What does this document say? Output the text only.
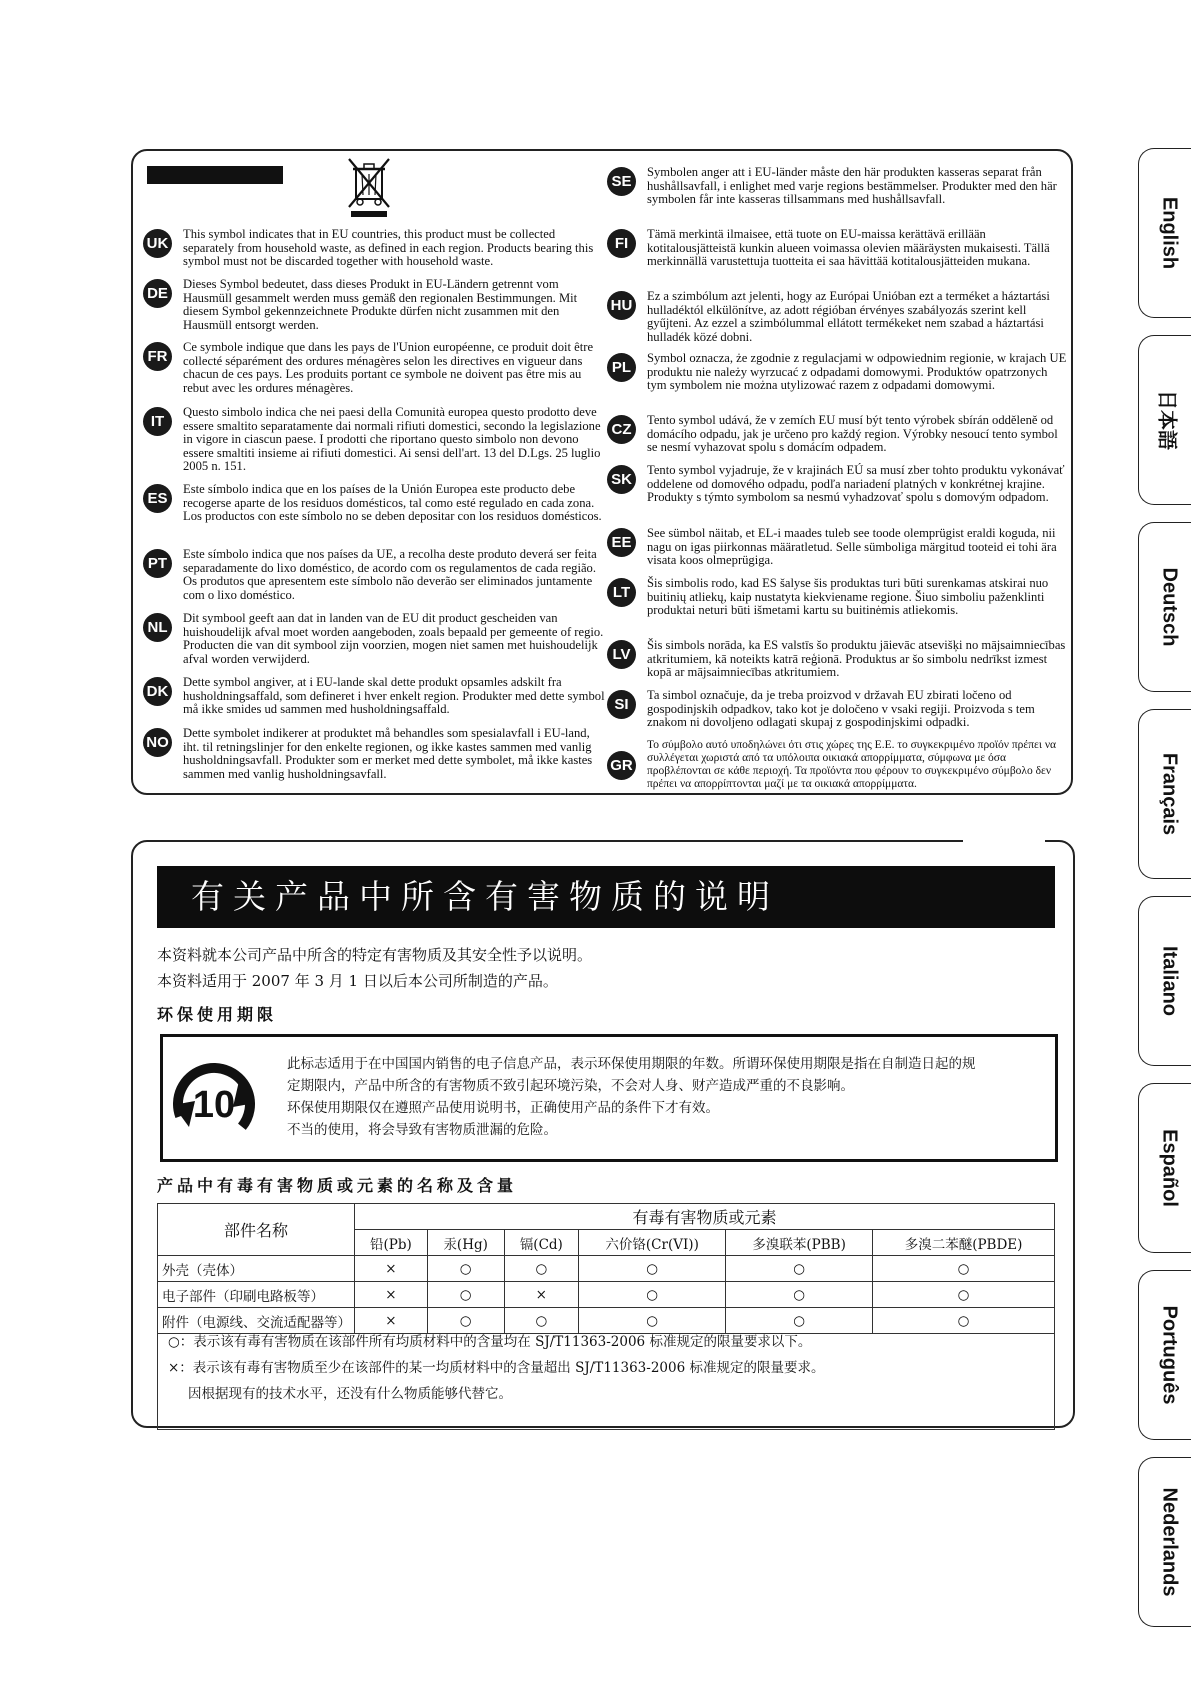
UK
This symbol indicates that in EU countries, this product must be collected separately from household waste, as defined in each region. Products bearing this symbol must not be discarded together with household waste.
DE
Dieses Symbol bedeutet, dass dieses Produkt in EU-Ländern getrennt vom Hausmüll gesammelt werden muss gemäß den regionalen Bestimmungen. Mit diesem Symbol gekennzeichnete Produkte dürfen nicht zusammen mit den Hausmüll entsorgt werden.
FR
Ce symbole indique que dans les pays de l'Union européenne, ce produit doit être collecté séparément des ordures ménagères selon les directives en vigueur dans chacun de ces pays. Les produits portant ce symbole ne doivent pas être mis au rebut avec les ordures ménagères.
IT
Questo simbolo indica che nei paesi della Comunità europea questo prodotto deve essere smaltito separatamente dai normali rifiuti domestici, secondo la legislazione in vigore in ciascun paese. I prodotti che riportano questo simbolo non devono essere smaltiti insieme ai rifiuti domestici. Ai sensi dell'art. 13 del D.Lgs. 25 luglio 2005 n. 151.
ES
Este símbolo indica que en los países de la Unión Europea este producto debe recogerse aparte de los residuos domésticos, tal como esté regulado en cada zona. Los productos con este símbolo no se deben depositar con los residuos domésticos.
PT
Este símbolo indica que nos países da UE, a recolha deste produto deverá ser feita separadamente do lixo doméstico, de acordo com os regulamentos de cada região. Os produtos que apresentem este símbolo não deverão ser eliminados juntamente com o lixo doméstico.
NL
Dit symbool geeft aan dat in landen van de EU dit product gescheiden van huishoudelijk afval moet worden aangeboden, zoals bepaald per gemeente of regio. Producten die van dit symbool zijn voorzien, mogen niet samen met huishoudelijk afval worden verwijderd.
DK
Dette symbol angiver, at i EU-lande skal dette produkt opsamles adskilt fra husholdningsaffald, som defineret i hver enkelt region. Produkter med dette symbol må ikke smides ud sammen med husholdningsaffald.
NO
Dette symbolet indikerer at produktet må behandles som spesialavfall i EU-land, iht. til retningslinjer for den enkelte regionen, og ikke kastes sammen med vanlig husholdningsavfall. Produkter som er merket med dette symbolet, må ikke kastes sammen med vanlig husholdningsavfall.
SE
Symbolen anger att i EU-länder måste den här produkten kasseras separat från hushållsavfall, i enlighet med varje regions bestämmelser. Produkter med den här symbolen får inte kasseras tillsammans med hushållsavfall.
FI
Tämä merkintä ilmaisee, että tuote on EU-maissa kerättävä erillään kotitalousjätteistä kunkin alueen voimassa olevien määräysten mukaisesti. Tällä merkinnällä varustettuja tuotteita ei saa hävittää kotitalousjätteiden mukana.
HU
Ez a szimbólum azt jelenti, hogy az Európai Unióban ezt a terméket a háztartási hulladéktól elkülönítve, az adott régióban érvényes szabályozás szerint kell gyűjteni. Az ezzel a szimbólummal ellátott termékeket nem szabad a háztartási hulladék közé dobni.
PL
Symbol oznacza, że zgodnie z regulacjami w odpowiednim regionie, w krajach UE produktu nie należy wyrzucać z odpadami domowymi. Produktów opatrzonych tym symbolem nie można utylizować razem z odpadami domowymi.
CZ
Tento symbol udává, že v zemích EU musí být tento výrobek sbírán odděleně od domácího odpadu, jak je určeno pro každý region. Výrobky nesoucí tento symbol se nesmí vyhazovat spolu s domácím odpadem.
SK
Tento symbol vyjadruje, že v krajinách EÚ sa musí zber tohto produktu vykonávať oddelene od domového odpadu, podľa nariadení platných v konkrétnej krajine. Produkty s týmto symbolom sa nesmú vyhadzovať spolu s domovým odpadom.
EE
See sümbol näitab, et EL-i maades tuleb see toode olemprügist eraldi koguda, nii nagu on igas piirkonnas määratletud. Selle sümboliga märgitud tooteid ei tohi ära visata koos olmeprügiga.
LT
Šis simbolis rodo, kad ES šalyse šis produktas turi būti surenkamas atskirai nuo buitinių atliekų, kaip nustatyta kiekviename regione. Šiuo simboliu paženklinti produktai neturi būti išmetami kartu su buitinėmis atliekomis.
LV
Šis simbols norāda, ka ES valstīs šo produktu jāievāc atsevišķi no mājsaimniecības atkritumiem, kā noteikts katrā reģionā. Produktus ar šo simbolu nedrīkst izmest kopā ar mājsaimniecības atkritumiem.
SI
Ta simbol označuje, da je treba proizvod v državah EU zbirati ločeno od gospodinjskih odpadkov, tako kot je določeno v vsaki regiji. Proizvoda s tem znakom ni dovoljeno odlagati skupaj z gospodinjskimi odpadki.
GR
Το σύμβολο αυτό υποδηλώνει ότι στις χώρες της Ε.Ε. το συγκεκριμένο προϊόν πρέπει να συλλέγεται χωριστά από τα υπόλοιπα οικιακά απορρίμματα, σύμφωνα με όσα προβλέπονται σε κάθε περιοχή. Τα προϊόντα που φέρουν το συγκεκριμένο σύμβολο δεν πρέπει να απορρίπτονται μαζί με τα οικιακά απορρίμματα.
有关产品中所含有害物质的说明
本资料就本公司产品中所含的特定有害物质及其安全性予以说明。
本资料适用于 2007 年 3 月 1 日以后本公司所制造的产品。
环保使用期限
10
此标志适用于在中国国内销售的电子信息产品，表示环保使用期限的年数。所谓环保使用期限是指在自制造日起的规
定期限内，产品中所含的有害物质不致引起环境污染，不会对人身、财产造成严重的不良影响。
环保使用期限仅在遵照产品使用说明书，正确使用产品的条件下才有效。
不当的使用，将会导致有害物质泄漏的危险。
产品中有毒有害物质或元素的名称及含量
部件名称	有毒有害物质或元素					
	铅(Pb)	汞(Hg)	镉(Cd)	六价铬(Cr(VI))	多溴联苯(PBB)	多溴二苯醚(PBDE)
外壳（壳体）	×	○	○	○	○	○
电子部件（印刷电路板等）	×	○	×	○	○	○
附件（电源线、交流适配器等）	×	○	○	○	○	○
○：表示该有毒有害物质在该部件所有均质材料中的含量均在 SJ/T11363-2006 标准规定的限量要求以下。
×：表示该有毒有害物质至少在该部件的某一均质材料中的含量超出 SJ/T11363-2006 标准规定的限量要求。
因根据现有的技术水平，还没有什么物质能够代替它。
English
日本語
Deutsch
Français
Italiano
Español
Português
Nederlands
